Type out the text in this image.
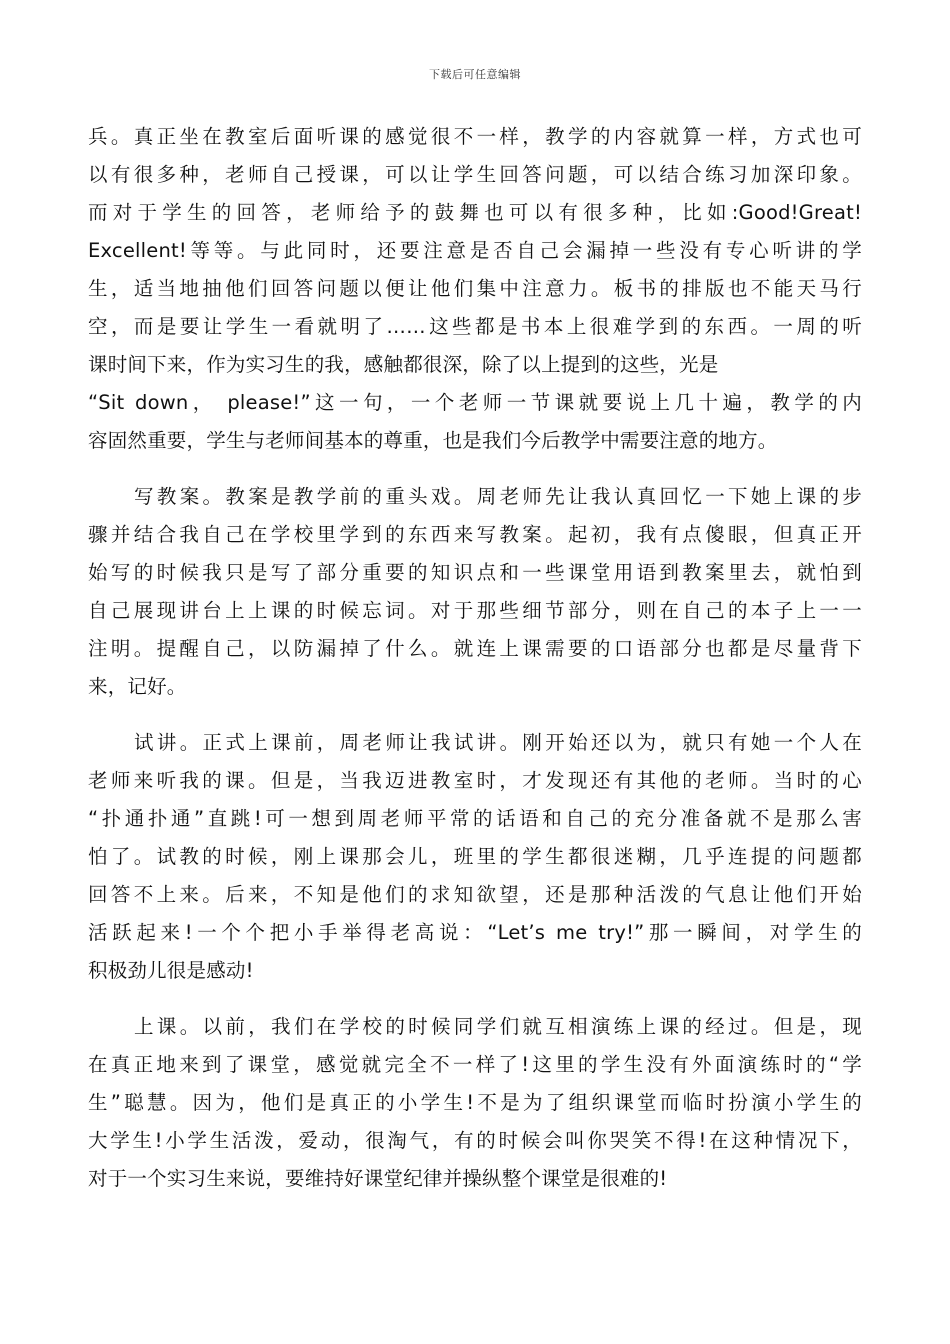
下载后可任意编辑
兵。真正坐在教室后面听课的感觉很不一样，教学的内容就算一样，方式也可
以有很多种，老师自己授课，可以让学生回答问题，可以结合练习加深印象。
而对于学生的回答，老师给予的鼓舞也可以有很多种，比如:Good!Great!
Excellent!等等。与此同时，还要注意是否自己会漏掉一些没有专心听讲的学
生，适当地抽他们回答问题以便让他们集中注意力。板书的排版也不能天马行
空，而是要让学生一看就明了……这些都是书本上很难学到的东西。一周的听
课时间下来，作为实习生的我，感触都很深，除了以上提到的这些，光是
“Sit down， please!”这一句，一个老师一节课就要说上几十遍，教学的内
容固然重要，学生与老师间基本的尊重，也是我们今后教学中需要注意的地方。
写教案。教案是教学前的重头戏。周老师先让我认真回忆一下她上课的步
骤并结合我自己在学校里学到的东西来写教案。起初，我有点傻眼，但真正开
始写的时候我只是写了部分重要的知识点和一些课堂用语到教案里去，就怕到
自己展现讲台上上课的时候忘词。对于那些细节部分，则在自己的本子上一一
注明。提醒自己，以防漏掉了什么。就连上课需要的口语部分也都是尽量背下
来，记好。
试讲。正式上课前，周老师让我试讲。刚开始还以为，就只有她一个人在
老师来听我的课。但是，当我迈进教室时，才发现还有其他的老师。当时的心
“扑通扑通”直跳!可一想到周老师平常的话语和自己的充分准备就不是那么害
怕了。试教的时候，刚上课那会儿，班里的学生都很迷糊，几乎连提的问题都
回答不上来。后来，不知是他们的求知欲望，还是那种活泼的气息让他们开始
活跃起来!一个个把小手举得老高说：“Let’s me try!”那一瞬间，对学生的
积极劲儿很是感动!
上课。以前，我们在学校的时候同学们就互相演练上课的经过。但是，现
在真正地来到了课堂，感觉就完全不一样了!这里的学生没有外面演练时的“学
生”聪慧。因为，他们是真正的小学生!不是为了组织课堂而临时扮演小学生的
大学生!小学生活泼，爱动，很淘气，有的时候会叫你哭笑不得!在这种情况下，
对于一个实习生来说，要维持好课堂纪律并操纵整个课堂是很难的!
